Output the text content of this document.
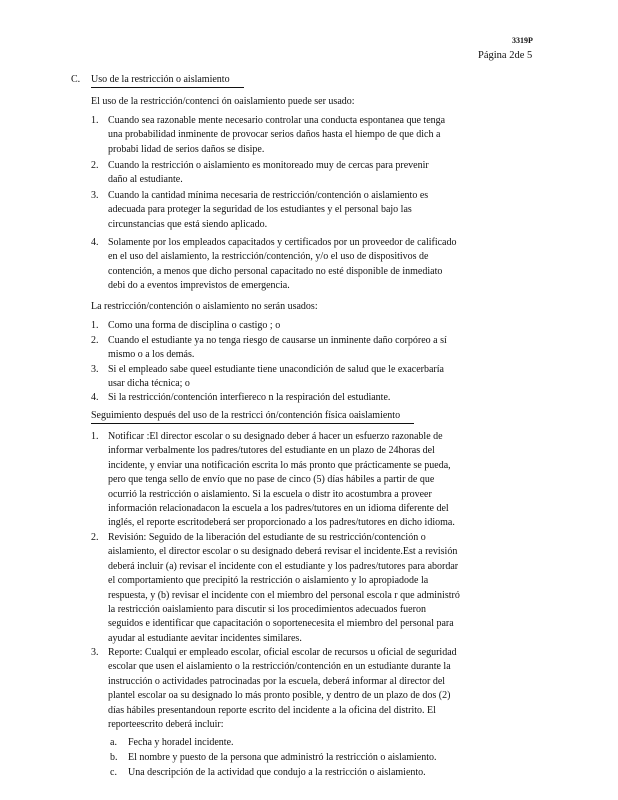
3319P
Página 2de 5
C. Uso de la restricción o aislamiento
El uso de la restricción/contenci ón oaislamiento puede ser usado:
1. Cuando sea razonable mente necesario controlar una conducta espontanea que tenga
una probabilidad inminente de provocar serios daños hasta el hiempo de que dich a
probabi lidad de serios daños se disipe.
2. Cuando la restricción o aislamiento es monitoreado muy de cercas para prevenir
daño al estudiante.
3. Cuando la cantidad mínima necesaria de restricción/contención o aislamiento es
adecuada para proteger la seguridad de los estudiantes y el personal bajo las
circunstancias que está siendo aplicado.
4. Solamente por los empleados capacitados y certificados por un proveedor de calificado
en el uso del aislamiento, la restricción/contención, y/o el uso de dispositivos de
contención, a menos que dicho personal capacitado no esté disponible de inmediato
debi do a eventos imprevistos de emergencia.
La restricción/contención o aislamiento no serán usados:
1. Como una forma de disciplina o castigo ; o
2. Cuando el estudiante ya no tenga riesgo de causarse un inminente daño corpóreo a sí
mismo o a los demás.
3. Si el empleado sabe queel estudiante tiene unacondición de salud que le exacerbaría
usar dicha técnica; o
4. Si la restricción/contención interfiereco n la respiración del estudiante.
Seguimiento después del uso de la restricci ón/contención física oaislamiento
1. Notificar :El director escolar o su designado deber á hacer un esfuerzo razonable de
informar verbalmente los padres/tutores del estudiante en un plazo de 24horas del
incidente, y enviar una notificación escrita lo más pronto que prácticamente se pueda,
pero que tenga sello de envío que no pase de cinco (5) días hábiles a partir de que
ocurrió la restricción o aislamiento. Si la escuela o distr ito acostumbra a proveer
información relacionadacon la escuela a los padres/tutores en un idioma diferente del
inglés, el reporte escritodeberá ser proporcionado a los padres/tutores en dicho idioma.
2. Revisión: Seguido de la liberación del estudiante de su restricción/contención o
aislamiento, el director escolar o su designado deberá revisar el incidente.Est a revisión
deberá incluir (a) revisar el incidente con el estudiante y los padres/tutores para abordar
el comportamiento que precipitó la restricción o aislamiento y lo apropiadode la
respuesta, y (b) revisar el incidente con el miembro del personal escola r que administró
la restricción oaislamiento para discutir si los procedimientos adecuados fueron
seguidos e identificar que capacitación o soportenecesita el miembro del personal para
ayudar al estudiante aevitar incidentes similares.
3. Reporte: Cualqui er empleado escolar, oficial escolar de recursos u oficial de seguridad
escolar que usen el aislamiento o la restricción/contención en un estudiante durante la
instrucción o actividades patrocinadas por la escuela, deberá informar al director del
plantel escolar oa su designado lo más pronto posible, y dentro de un plazo de dos (2)
días hábiles presentandoun reporte escrito del incidente a la oficina del distrito. El
reporteescrito deberá incluir:
a. Fecha y horadel incidente.
b. El nombre y puesto de la persona que administró la restricción o aislamiento.
c. Una descripción de la actividad que condujo a la restricción o aislamiento.
